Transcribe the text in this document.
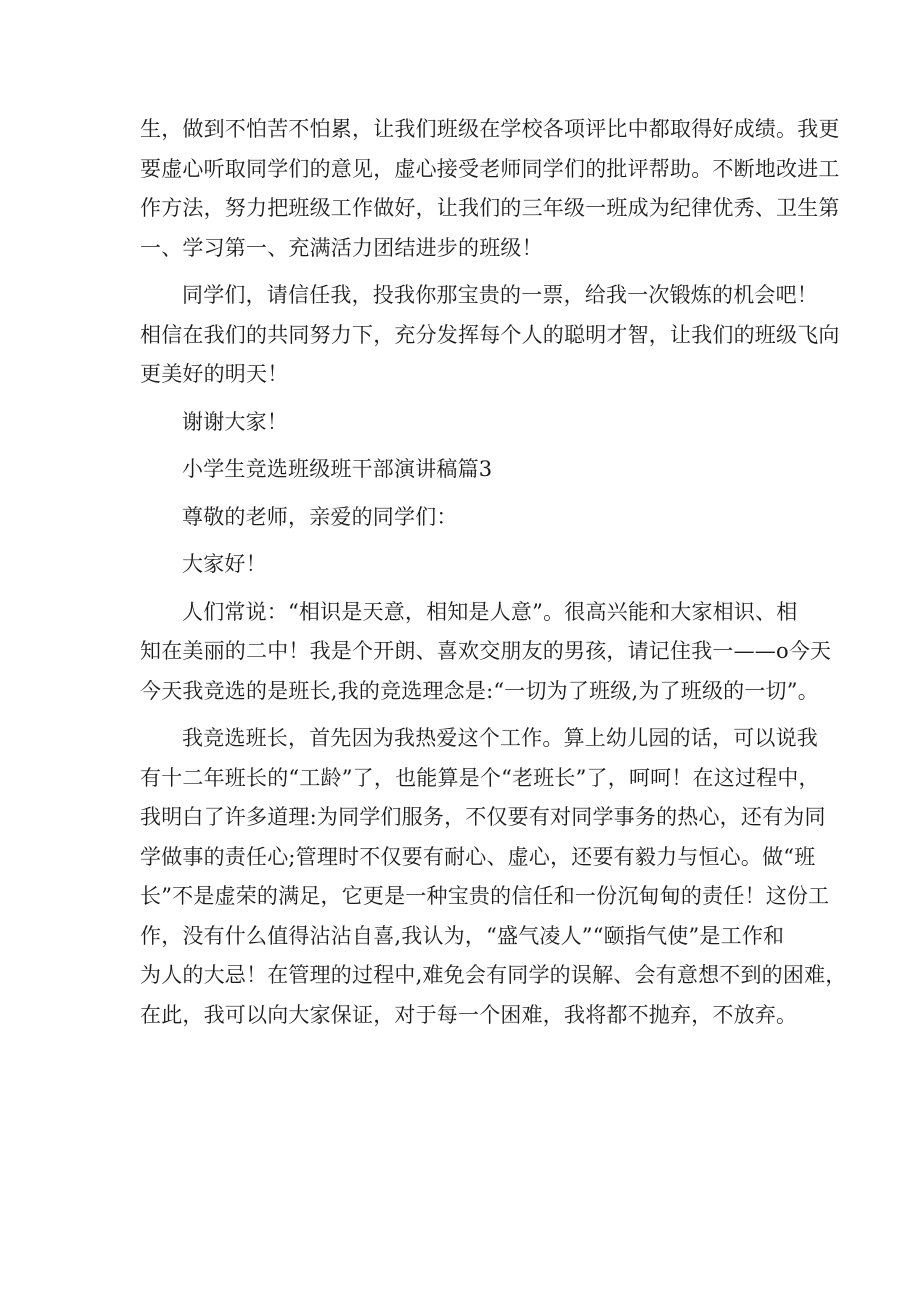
生，做到不怕苦不怕累，让我们班级在学校各项评比中都取得好成绩。我更
要虚心听取同学们的意见，虚心接受老师同学们的批评帮助。不断地改进工
作方法，努力把班级工作做好，让我们的三年级一班成为纪律优秀、卫生第
一、学习第一、充满活力团结进步的班级！

同学们，请信任我，投我你那宝贵的一票，给我一次锻炼的机会吧！
相信在我们的共同努力下，充分发挥每个人的聪明才智，让我们的班级飞向
更美好的明天！

谢谢大家！

小学生竞选班级班干部演讲稿篇3

尊敬的老师，亲爱的同学们：

大家好！

人们常说：“相识是天意，相知是人意”。很高兴能和大家相识、相
知在美丽的二中！我是个开朗、喜欢交朋友的男孩，请记住我一——o今天
今天我竞选的是班长,我的竞选理念是:“一切为了班级,为了班级的一切”。

我竞选班长，首先因为我热爱这个工作。算上幼儿园的话，可以说我
有十二年班长的“工龄”了，也能算是个“老班长”了，呵呵！在这过程中，
我明白了许多道理:为同学们服务，不仅要有对同学事务的热心，还有为同
学做事的责任心;管理时不仅要有耐心、虚心，还要有毅力与恒心。做“班
长”不是虚荣的满足，它更是一种宝贵的信任和一份沉甸甸的责任！这份工
作，没有什么值得沾沾自喜,我认为，“盛气凌人”“颐指气使”是工作和
为人的大忌！在管理的过程中,难免会有同学的误解、会有意想不到的困难，
在此，我可以向大家保证，对于每一个困难，我将都不抛弃，不放弃。
